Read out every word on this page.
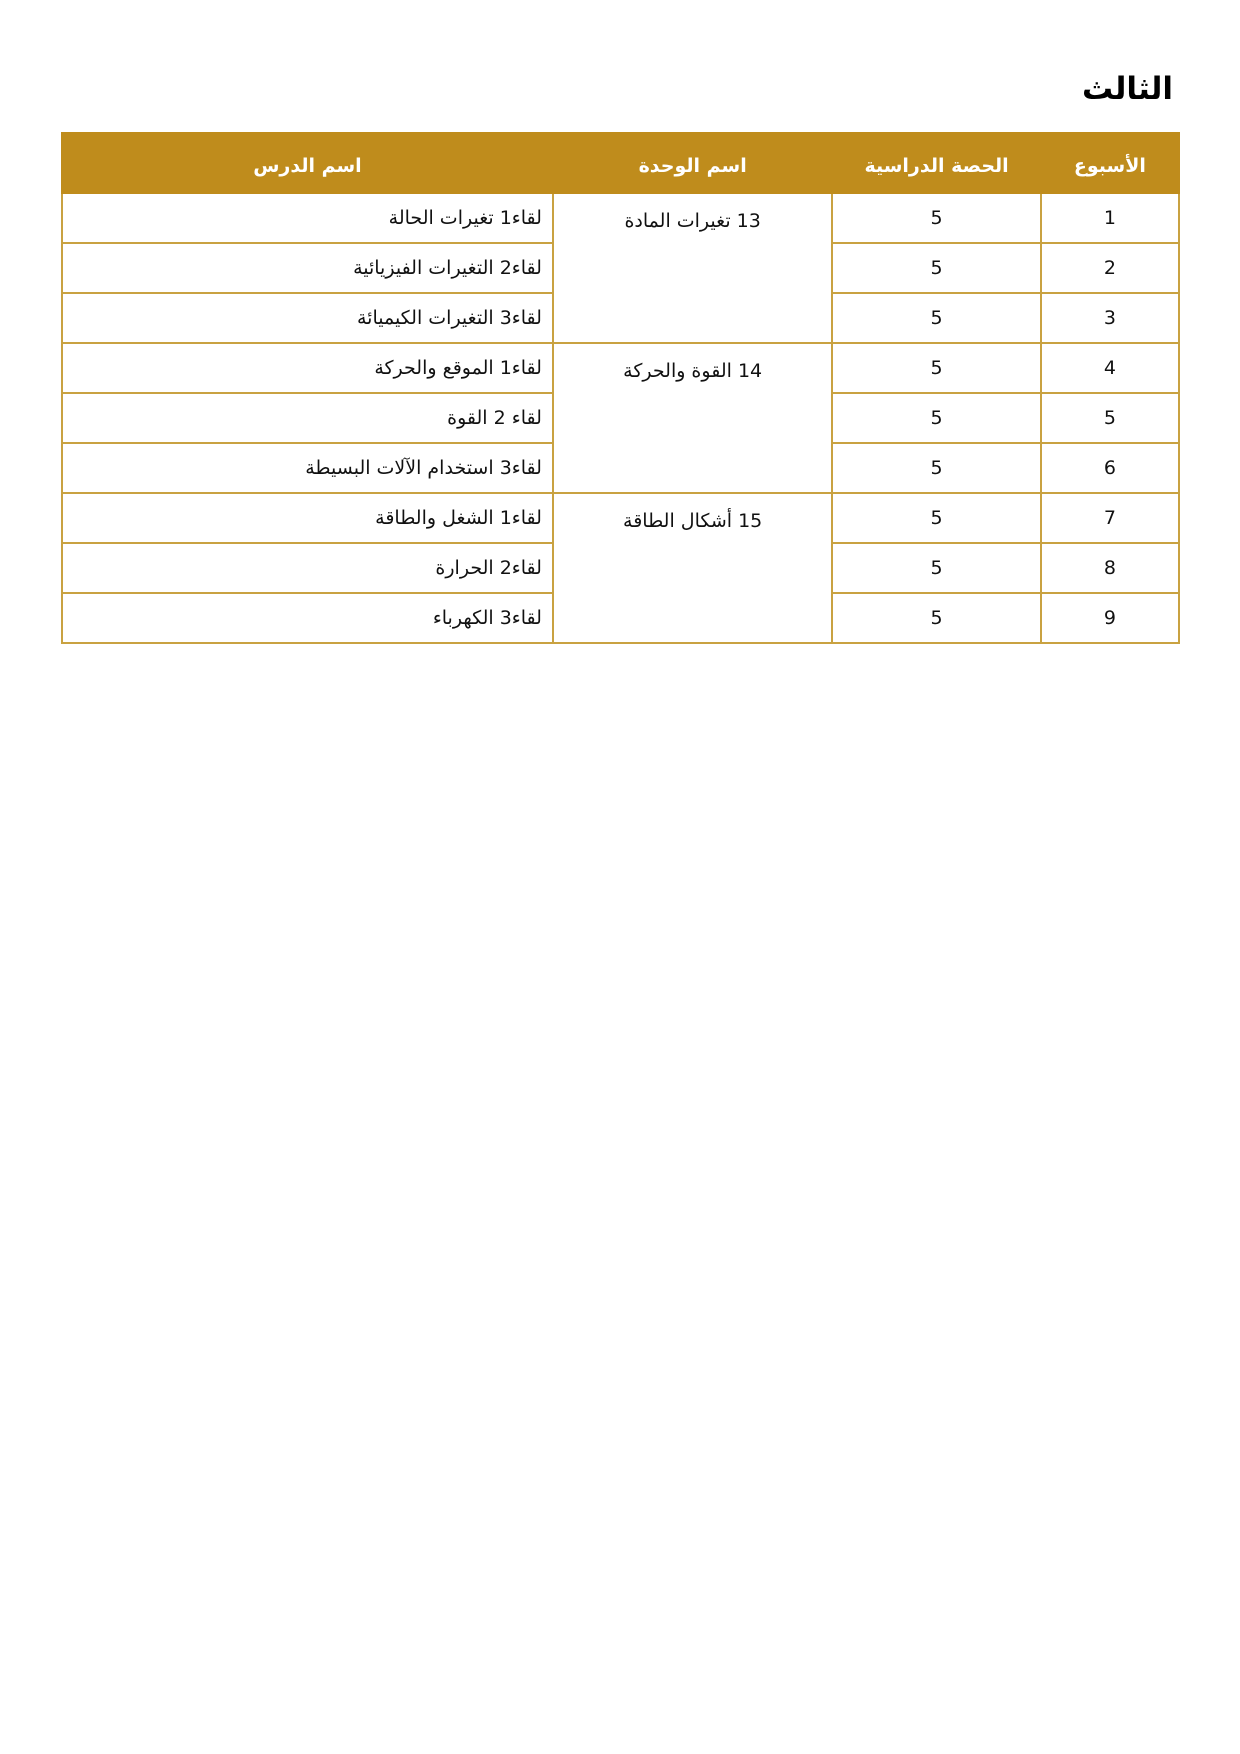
الثالث
الأسبوع	الحصة الدراسية	اسم الوحدة	اسم الدرس
1	5	13 تغيرات المادة	لقاء1 تغيرات الحالة
2	5		لقاء2 التغيرات الفيزيائية
3	5		لقاء3 التغيرات الكيميائة
4	5	14 القوة والحركة	لقاء1 الموقع والحركة
5	5		لقاء 2 القوة
6	5		لقاء3 استخدام الآلات البسيطة
7	5	15 أشكال الطاقة	لقاء1 الشغل والطاقة
8	5		لقاء2 الحرارة
9	5		لقاء3 الكهرباء
